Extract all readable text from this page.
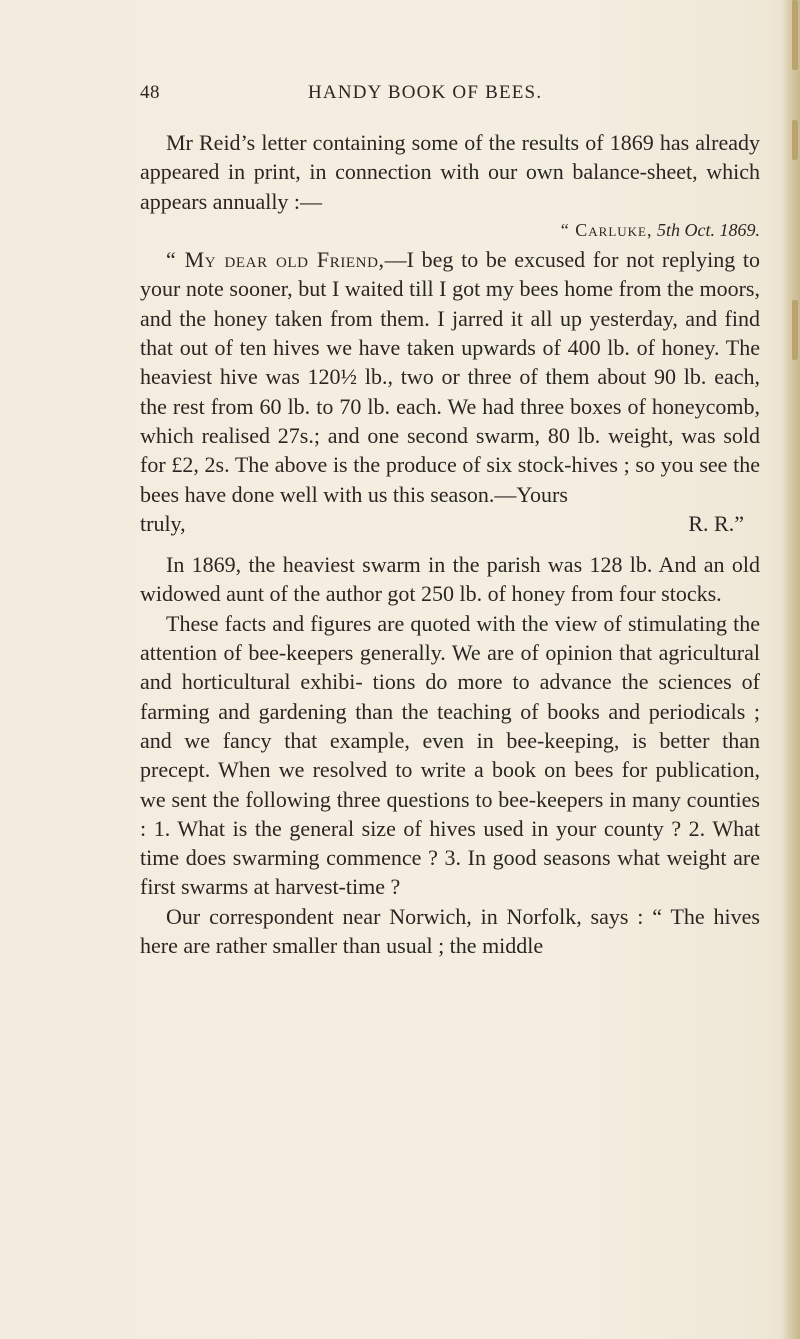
48	HANDY BOOK OF BEES.

Mr Reid’s letter containing some of the results of 1869 has already appeared in print, in connection with our own balance-sheet, which appears annually :—

“ Carluke, 5th Oct. 1869.

“ My dear old Friend,—I beg to be excused for not replying to your note sooner, but I waited till I got my bees home from the moors, and the honey taken from them. I jarred it all up yesterday, and find that out of ten hives we have taken upwards of 400 lb. of honey. The heaviest hive was 120½ lb., two or three of them about 90 lb. each, the rest from 60 lb. to 70 lb. each. We had three boxes of honeycomb, which realised 27s.; and one second swarm, 80 lb. weight, was sold for £2, 2s. The above is the produce of six stock-hives ; so you see the bees have done well with us this season.—Yours

truly,	R. R.”

In 1869, the heaviest swarm in the parish was 128 lb. And an old widowed aunt of the author got 250 lb. of honey from four stocks.

These facts and figures are quoted with the view of stimulating the attention of bee-keepers generally. We are of opinion that agricultural and horticultural exhibi- tions do more to advance the sciences of farming and gardening than the teaching of books and periodicals ; and we fancy that example, even in bee-keeping, is better than precept. When we resolved to write a book on bees for publication, we sent the following three questions to bee-keepers in many counties : 1. What is the general size of hives used in your county ? 2. What time does swarming commence ? 3. In good seasons what weight are first swarms at harvest-time ?

Our correspondent near Norwich, in Norfolk, says : “ The hives here are rather smaller than usual ; the middle
